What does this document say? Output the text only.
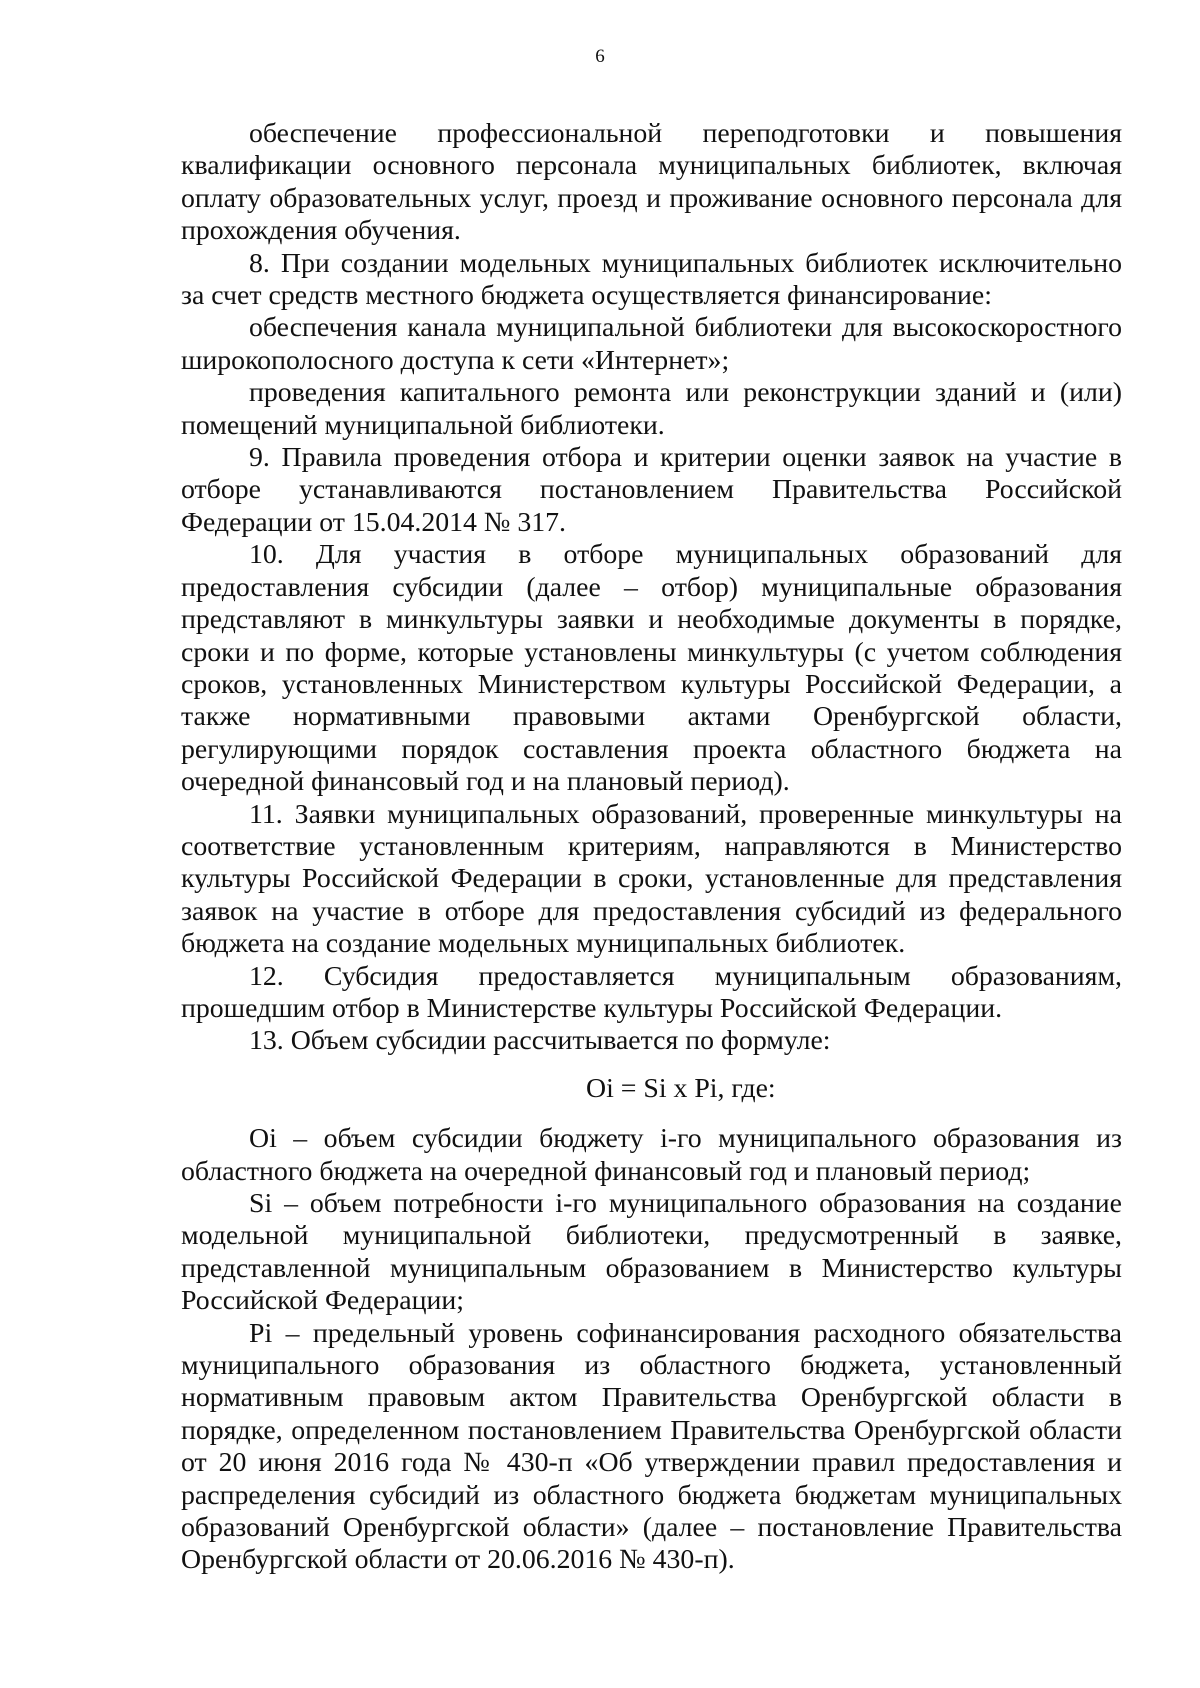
6

обеспечение профессиональной переподготовки и повышения квалификации основного персонала муниципальных библиотек, включая оплату образовательных услуг, проезд и проживание основного персонала для прохождения обучения.

8. При создании модельных муниципальных библиотек исключительно за счет средств местного бюджета осуществляется финансирование:

обеспечения канала муниципальной библиотеки для высокоскоростного широкополосного доступа к сети «Интернет»;

проведения капитального ремонта или реконструкции зданий и (или) помещений муниципальной библиотеки.

9. Правила проведения отбора и критерии оценки заявок на участие в отборе устанавливаются постановлением Правительства Российской Федерации от 15.04.2014 № 317.

10. Для участия в отборе муниципальных образований для предоставления субсидии (далее – отбор) муниципальные образования представляют в минкультуры заявки и необходимые документы в порядке, сроки и по форме, которые установлены минкультуры (с учетом соблюдения сроков, установленных Министерством культуры Российской Федерации, а также нормативными правовыми актами Оренбургской области, регулирующими порядок составления проекта областного бюджета на очередной финансовый год и на плановый период).

11. Заявки муниципальных образований, проверенные минкультуры на соответствие установленным критериям, направляются в Министерство культуры Российской Федерации в сроки, установленные для представления заявок на участие в отборе для предоставления субсидий из федерального бюджета на создание модельных муниципальных библиотек.

12. Субсидия предоставляется муниципальным образованиям, прошедшим отбор в Министерстве культуры Российской Федерации.

13. Объем субсидии рассчитывается по формуле:

Oi = Si x Pi, где:

Oi – объем субсидии бюджету i-го муниципального образования из областного бюджета на очередной финансовый год и плановый период;

Si – объем потребности i-го муниципального образования на создание модельной муниципальной библиотеки, предусмотренный в заявке, представленной муниципальным образованием в Министерство культуры Российской Федерации;

Pi – предельный уровень софинансирования расходного обязательства муниципального образования из областного бюджета, установленный нормативным правовым актом Правительства Оренбургской области в порядке, определенном постановлением Правительства Оренбургской области от 20 июня 2016 года № 430-п «Об утверждении правил предоставления и распределения субсидий из областного бюджета бюджетам муниципальных образований Оренбургской области» (далее – постановление Правительства Оренбургской области от 20.06.2016 № 430-п).
